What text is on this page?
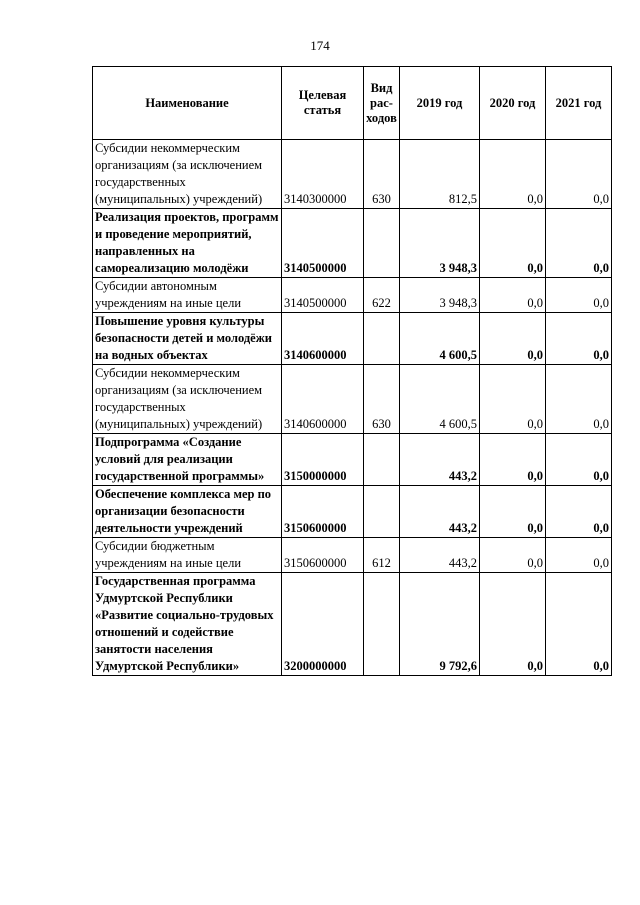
174
Наименование	Целевая статья	Вид рас-ходов	2019 год	2020 год	2021 год
Субсидии некоммерческим организациям (за исключением государственных (муниципальных) учреждений)	3140300000	630	812,5	0,0	0,0
Реализация проектов, программ и проведение мероприятий, направленных на самореализацию молодёжи	3140500000		3 948,3	0,0	0,0
Субсидии автономным учреждениям на иные цели	3140500000	622	3 948,3	0,0	0,0
Повышение уровня культуры безопасности детей и молодёжи на водных объектах	3140600000		4 600,5	0,0	0,0
Субсидии некоммерческим организациям (за исключением государственных (муниципальных) учреждений)	3140600000	630	4 600,5	0,0	0,0
Подпрограмма «Создание условий для реализации государственной программы»	3150000000		443,2	0,0	0,0
Обеспечение комплекса мер по организации безопасности деятельности учреждений	3150600000		443,2	0,0	0,0
Субсидии бюджетным учреждениям на иные цели	3150600000	612	443,2	0,0	0,0
Государственная программа Удмуртской Республики «Развитие социально-трудовых отношений и содействие занятости населения Удмуртской Республики»	3200000000		9 792,6	0,0	0,0
